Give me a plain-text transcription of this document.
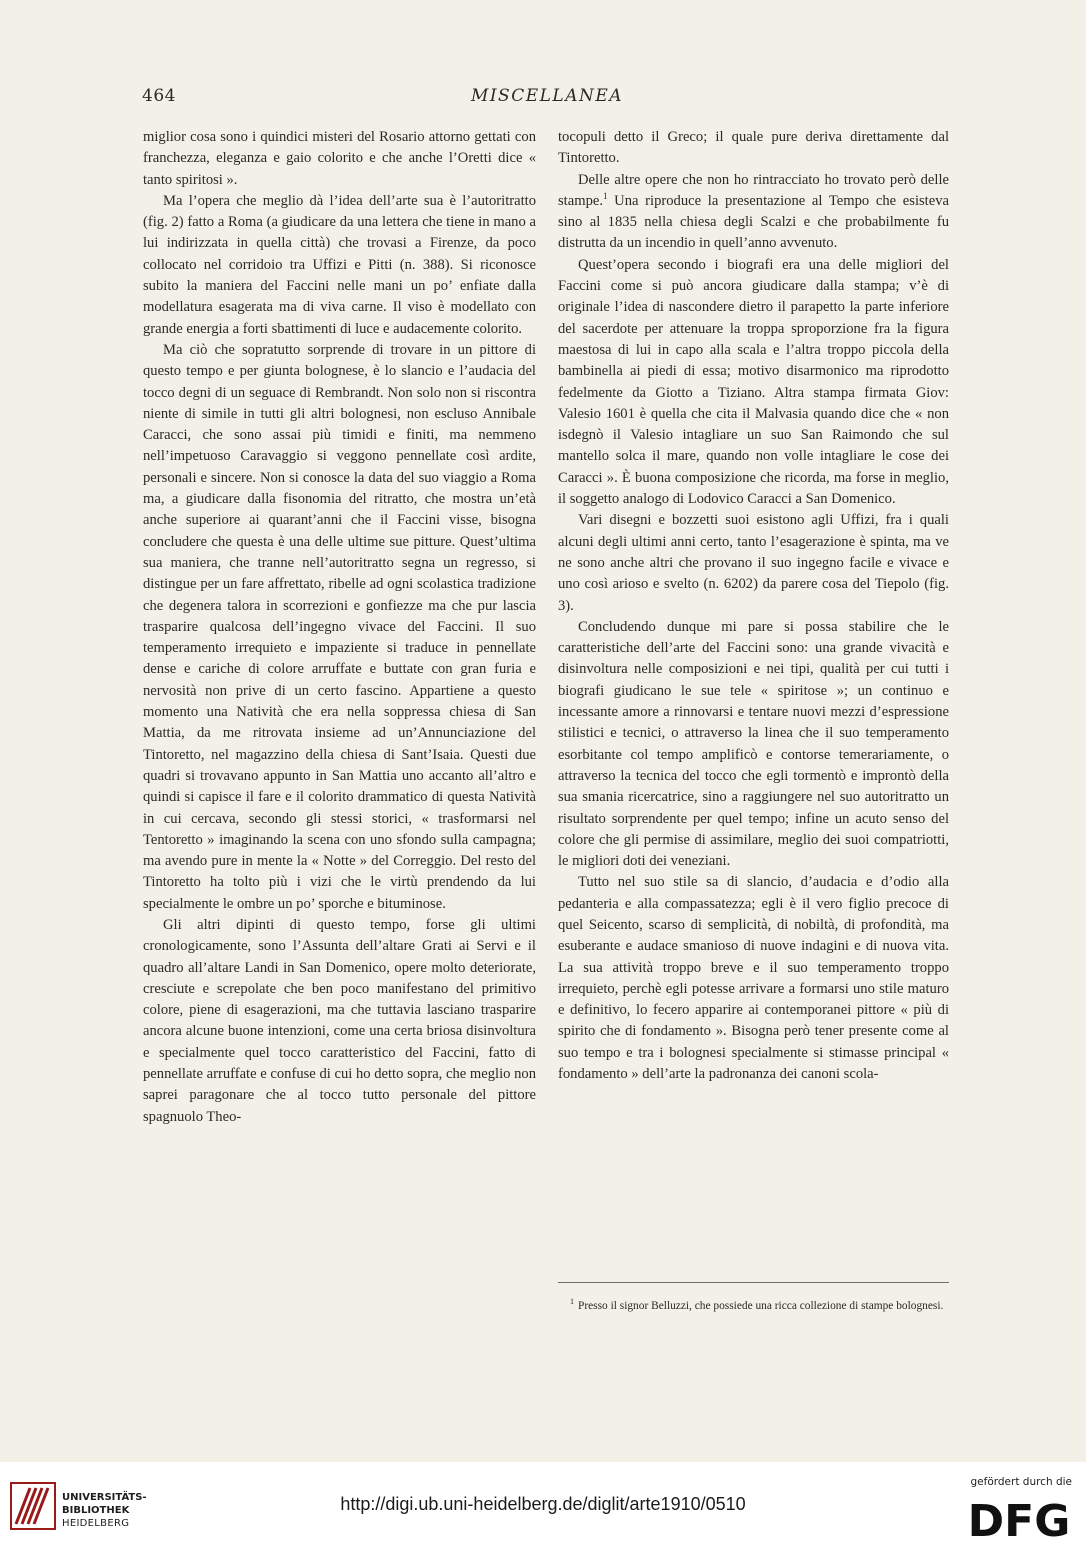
464	MISCELLANEA

miglior cosa sono i quindici misteri del Rosario attorno gettati con franchezza, eleganza e gaio colorito e che anche l’Oretti dice « tanto spiritosi ».

Ma l’opera che meglio dà l’idea dell’arte sua è l’autoritratto (fig. 2) fatto a Roma (a giudicare da una lettera che tiene in mano a lui indirizzata in quella città) che trovasi a Firenze, da poco collocato nel corridoio tra Uffizi e Pitti (n. 388). Si riconosce subito la maniera del Faccini nelle mani un po’ enfiate dalla modellatura esagerata ma di viva carne. Il viso è modellato con grande energia a forti sbattimenti di luce e audacemente colorito.

Ma ciò che sopratutto sorprende di trovare in un pittore di questo tempo e per giunta bolognese, è lo slancio e l’audacia del tocco degni di un seguace di Rembrandt. Non solo non si riscontra niente di simile in tutti gli altri bolognesi, non escluso Annibale Caracci, che sono assai più timidi e finiti, ma nemmeno nell’impetuoso Caravaggio si veggono pennellate così ardite, personali e sincere. Non si conosce la data del suo viaggio a Roma ma, a giudicare dalla fisonomia del ritratto, che mostra un’età anche superiore ai quarant’anni che il Faccini visse, bisogna concludere che questa è una delle ultime sue pitture. Quest’ultima sua maniera, che tranne nell’autoritratto segna un regresso, si distingue per un fare affrettato, ribelle ad ogni scolastica tradizione che degenera talora in scorrezioni e gonfiezze ma che pur lascia trasparire qualcosa dell’ingegno vivace del Faccini. Il suo temperamento irrequieto e impaziente si traduce in pennellate dense e cariche di colore arruffate e buttate con gran furia e nervosità non prive di un certo fascino. Appartiene a questo momento una Natività che era nella soppressa chiesa di San Mattia, da me ritrovata insieme ad un’Annunciazione del Tintoretto, nel magazzino della chiesa di Sant’Isaia. Questi due quadri si trovavano appunto in San Mattia uno accanto all’altro e quindi si capisce il fare e il colorito drammatico di questa Natività in cui cercava, secondo gli stessi storici, « trasformarsi nel Tentoretto » imaginando la scena con uno sfondo sulla campagna; ma avendo pure in mente la « Notte » del Correggio. Del resto del Tintoretto ha tolto più i vizi che le virtù prendendo da lui specialmente le ombre un po’ sporche e bituminose.

Gli altri dipinti di questo tempo, forse gli ultimi cronologicamente, sono l’Assunta dell’altare Grati ai Servi e il quadro all’altare Landi in San Domenico, opere molto deteriorate, cresciute e screpolate che ben poco manifestano del primitivo colore, piene di esagerazioni, ma che tuttavia lasciano trasparire ancora alcune buone intenzioni, come una certa briosa disinvoltura e specialmente quel tocco caratteristico del Faccini, fatto di pennellate arruffate e confuse di cui ho detto sopra, che meglio non saprei paragonare che al tocco tutto personale del pittore spagnuolo Theo-

tocopuli detto il Greco; il quale pure deriva direttamente dal Tintoretto.

Delle altre opere che non ho rintracciato ho trovato però delle stampe.$^1$ Una riproduce la presentazione al Tempo che esisteva sino al 1835 nella chiesa degli Scalzi e che probabilmente fu distrutta da un incendio in quell’anno avvenuto.

Quest’opera secondo i biografi era una delle migliori del Faccini come si può ancora giudicare dalla stampa; v’è di originale l’idea di nascondere dietro il parapetto la parte inferiore del sacerdote per attenuare la troppa sproporzione fra la figura maestosa di lui in capo alla scala e l’altra troppo piccola della bambinella ai piedi di essa; motivo disarmonico ma riprodotto fedelmente da Giotto a Tiziano. Altra stampa firmata Giov: Valesio 1601 è quella che cita il Malvasia quando dice che « non isdegnò il Valesio intagliare un suo San Raimondo che sul mantello solca il mare, quando non volle intagliare le cose dei Caracci ». È buona composizione che ricorda, ma forse in meglio, il soggetto analogo di Lodovico Caracci a San Domenico.

Vari disegni e bozzetti suoi esistono agli Uffizi, fra i quali alcuni degli ultimi anni certo, tanto l’esagerazione è spinta, ma ve ne sono anche altri che provano il suo ingegno facile e vivace e uno così arioso e svelto (n. 6202) da parere cosa del Tiepolo (fig. 3).

Concludendo dunque mi pare si possa stabilire che le caratteristiche dell’arte del Faccini sono: una grande vivacità e disinvoltura nelle composizioni e nei tipi, qualità per cui tutti i biografi giudicano le sue tele « spiritose »; un continuo e incessante amore a rinnovarsi e tentare nuovi mezzi d’espressione stilistici e tecnici, o attraverso la linea che il suo temperamento esorbitante col tempo amplificò e contorse temerariamente, o attraverso la tecnica del tocco che egli tormentò e improntò della sua smania ricercatrice, sino a raggiungere nel suo autoritratto un risultato sorprendente per quel tempo; infine un acuto senso del colore che gli permise di assimilare, meglio dei suoi compatriotti, le migliori doti dei veneziani.

Tutto nel suo stile sa di slancio, d’audacia e d’odio alla pedanteria e alla compassatezza; egli è il vero figlio precoce di quel Seicento, scarso di semplicità, di nobiltà, di profondità, ma esuberante e audace smanioso di nuove indagini e di nuova vita. La sua attività troppo breve e il suo temperamento troppo irrequieto, perchè egli potesse arrivare a formarsi uno stile maturo e definitivo, lo fecero apparire ai contemporanei pittore « più di spirito che di fondamento ». Bisogna però tener presente come al suo tempo e tra i bolognesi specialmente si stimasse principal « fondamento » dell’arte la padronanza dei canoni scola-

$^1$ Presso il signor Belluzzi, che possiede una ricca collezione di stampe bolognesi.
UNIVERSITÄTS-
BIBLIOTHEK
HEIDELBERG
http://digi.ub.uni-heidelberg.de/diglit/arte1910/0510
gefördert durch die
DFG
